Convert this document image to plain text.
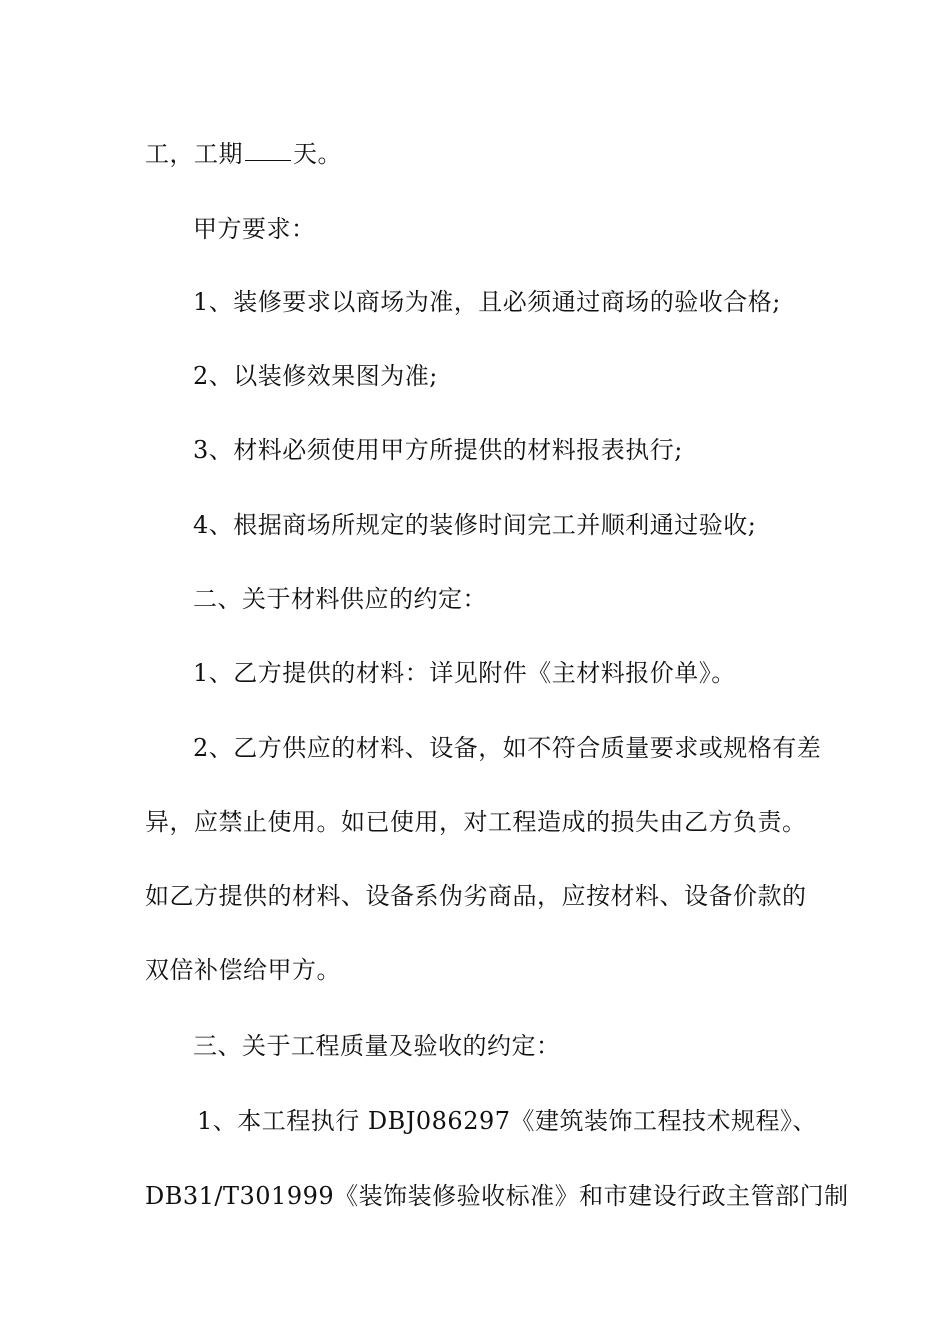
工，工期 天。
甲方要求：
1、装修要求以商场为准，且必须通过商场的验收合格;
2、以装修效果图为准;
3、材料必须使用甲方所提供的材料报表执行;
4、根据商场所规定的装修时间完工并顺利通过验收;
二、关于材料供应的约定：
1、乙方提供的材料：详见附件《主材料报价单》。
2、乙方供应的材料、设备，如不符合质量要求或规格有差
异，应禁止使用。如已使用，对工程造成的损失由乙方负责。
如乙方提供的材料、设备系伪劣商品，应按材料、设备价款的
双倍补偿给甲方。
三、关于工程质量及验收的约定：
1、本工程执行 DBJ086297《建筑装饰工程技术规程》、
DB31/T301999《装饰装修验收标准》和市建设行政主管部门制
